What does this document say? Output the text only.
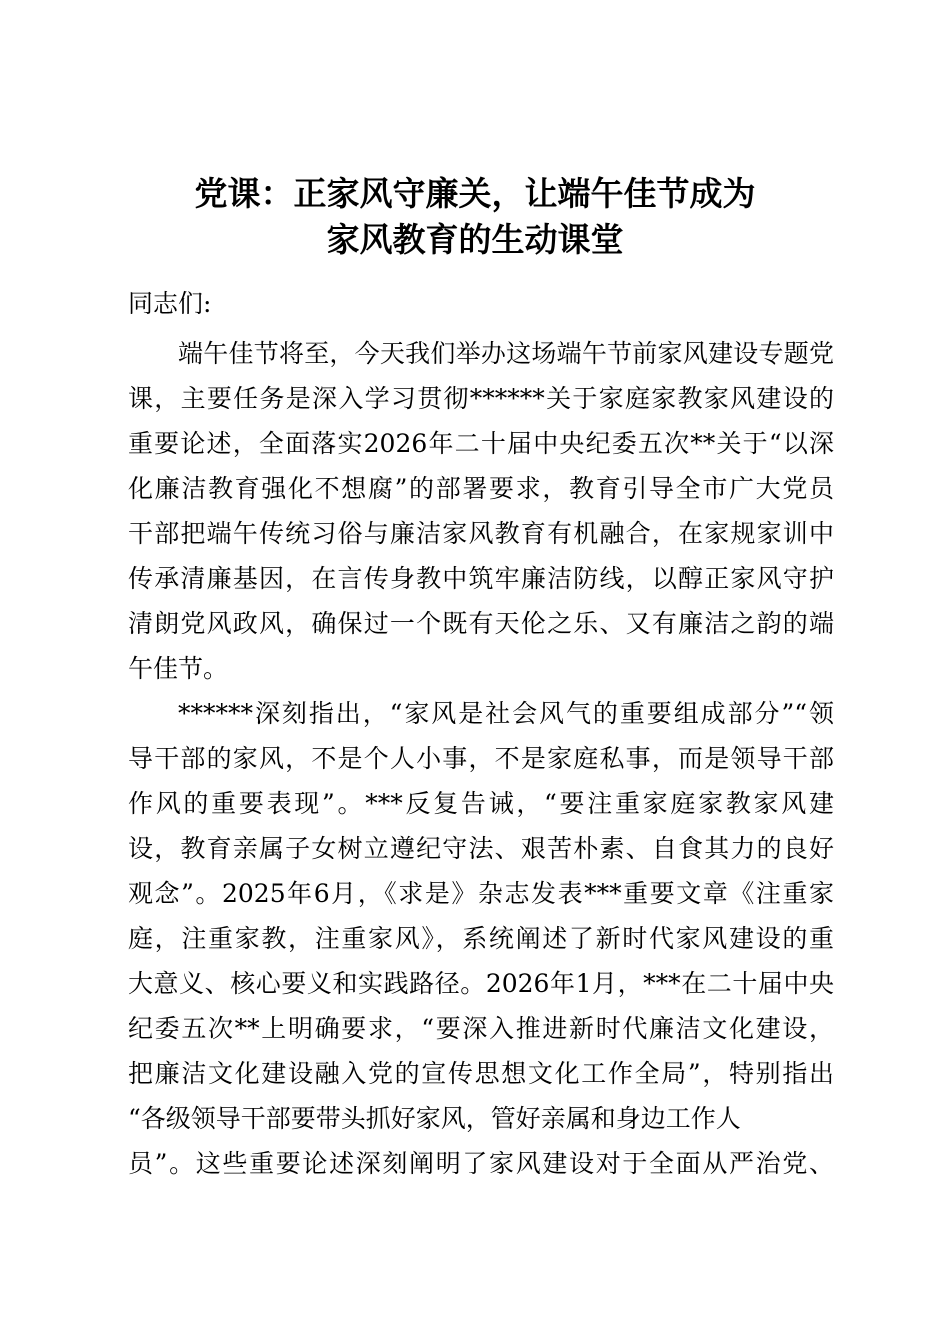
党课：正家风守廉关，让端午佳节成为
家风教育的生动课堂
同志们:
端午佳节将至，今天我们举办这场端午节前家风建设专题党
课，主要任务是深入学习贯彻******关于家庭家教家风建设的
重要论述，全面落实2026年二十届中央纪委五次**关于“以深
化廉洁教育强化不想腐”的部署要求，教育引导全市广大党员
干部把端午传统习俗与廉洁家风教育有机融合，在家规家训中
传承清廉基因，在言传身教中筑牢廉洁防线，以醇正家风守护
清朗党风政风，确保过一个既有天伦之乐、又有廉洁之韵的端
午佳节。
******深刻指出，“家风是社会风气的重要组成部分”“领
导干部的家风，不是个人小事，不是家庭私事，而是领导干部
作风的重要表现”。***反复告诫，“要注重家庭家教家风建
设，教育亲属子女树立遵纪守法、艰苦朴素、自食其力的良好
观念”。2025年6月，《求是》杂志发表***重要文章《注重家
庭，注重家教，注重家风》，系统阐述了新时代家风建设的重
大意义、核心要义和实践路径。2026年1月，***在二十届中央
纪委五次**上明确要求，“要深入推进新时代廉洁文化建设，
把廉洁文化建设融入党的宣传思想文化工作全局”，特别指出
“各级领导干部要带头抓好家风，管好亲属和身边工作人
员”。这些重要论述深刻阐明了家风建设对于全面从严治党、
